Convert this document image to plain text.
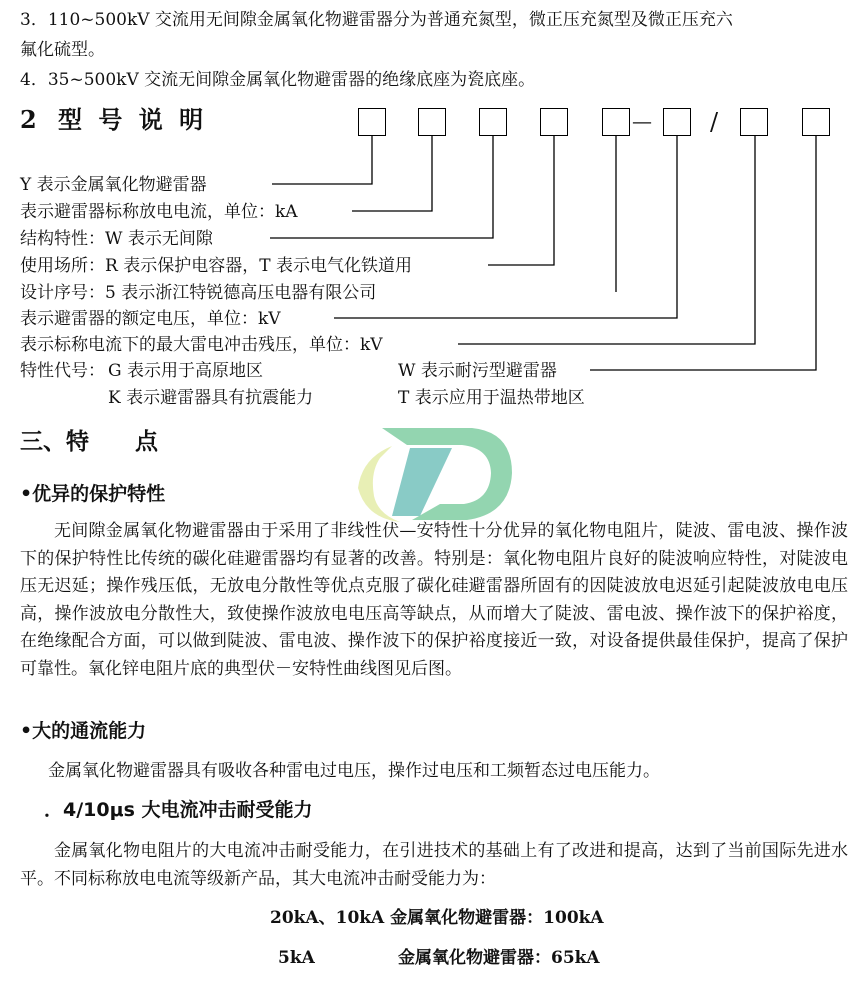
3．110~500kV 交流用无间隙金属氧化物避雷器分为普通充氮型，微正压充氮型及微正压充六
氟化硫型。
4．35~500kV 交流无间隙金属氧化物避雷器的绝缘底座为瓷底座。
2 型 号 说 明	— /
Y 表示金属氧化物避雷器
表示避雷器标称放电电流，单位：kA
结构特性：W 表示无间隙
使用场所：R 表示保护电容器，T 表示电气化铁道用
设计序号：5 表示浙江特锐德高压电器有限公司
表示避雷器的额定电压，单位：kV
表示标称电流下的最大雷电冲击残压，单位：kV
特性代号： G 表示用于高原地区	W 表示耐污型避雷器
K 表示避雷器具有抗震能力	T 表示应用于温热带地区
三、特　　点
•优异的保护特性
无间隙金属氧化物避雷器由于采用了非线性伏—安特性十分优异的氧化物电阻片，陡波、雷电波、操作波下的保护特性比传统的碳化硅避雷器均有显著的改善。特别是：氧化物电阻片良好的陡波响应特性，对陡波电压无迟延；操作残压低，无放电分散性等优点克服了碳化硅避雷器所固有的因陡波放电迟延引起陡波放电电压高，操作波放电分散性大，致使操作波放电电压高等缺点，从而增大了陡波、雷电波、操作波下的保护裕度，在绝缘配合方面，可以做到陡波、雷电波、操作波下的保护裕度接近一致，对设备提供最佳保护，提高了保护可靠性。氧化锌电阻片底的典型伏－安特性曲线图见后图。
•大的通流能力
金属氧化物避雷器具有吸收各种雷电过电压，操作过电压和工频暂态过电压能力。
．4/10μs 大电流冲击耐受能力
金属氧化物电阻片的大电流冲击耐受能力，在引进技术的基础上有了改进和提高，达到了当前国际先进水平。不同标称放电电流等级新产品，其大电流冲击耐受能力为：
20kA、10kA 金属氧化物避雷器：100kA
5kA	金属氧化物避雷器：65kA
